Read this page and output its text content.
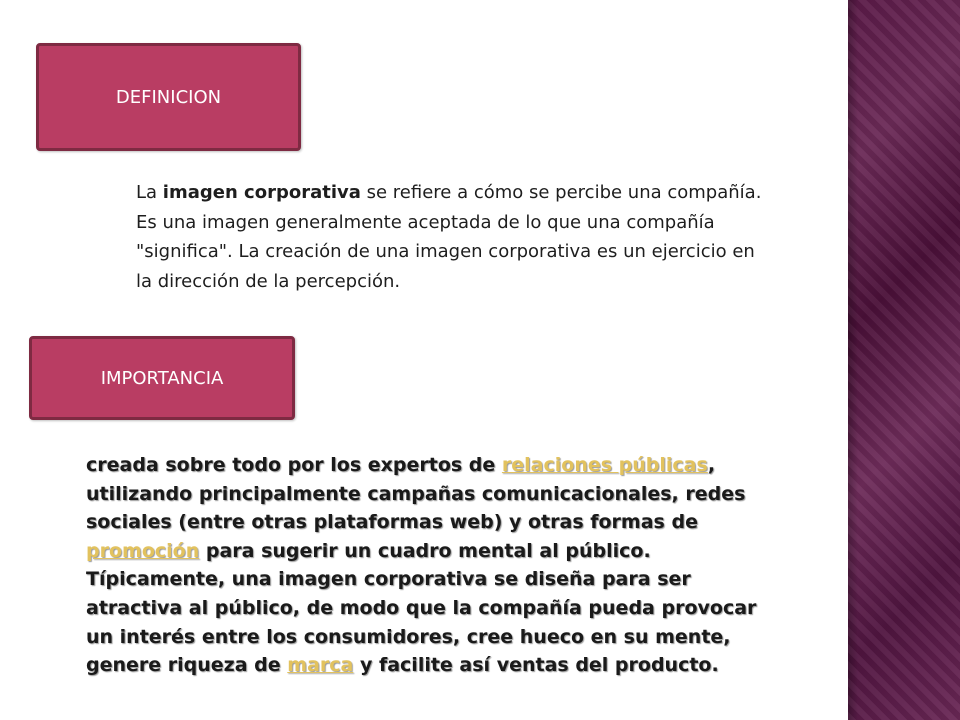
DEFINICION

La imagen corporativa se refiere a cómo se percibe una compañía. Es una imagen generalmente aceptada de lo que una compañía "significa". La creación de una imagen corporativa es un ejercicio en la dirección de la percepción.

IMPORTANCIA

creada sobre todo por los expertos de relaciones públicas, utilizando principalmente campañas comunicacionales, redes sociales (entre otras plataformas web) y otras formas de promoción para sugerir un cuadro mental al público. Típicamente, una imagen corporativa se diseña para ser atractiva al público, de modo que la compañía pueda provocar un interés entre los consumidores, cree hueco en su mente, genere riqueza de marca y facilite así ventas del producto.
